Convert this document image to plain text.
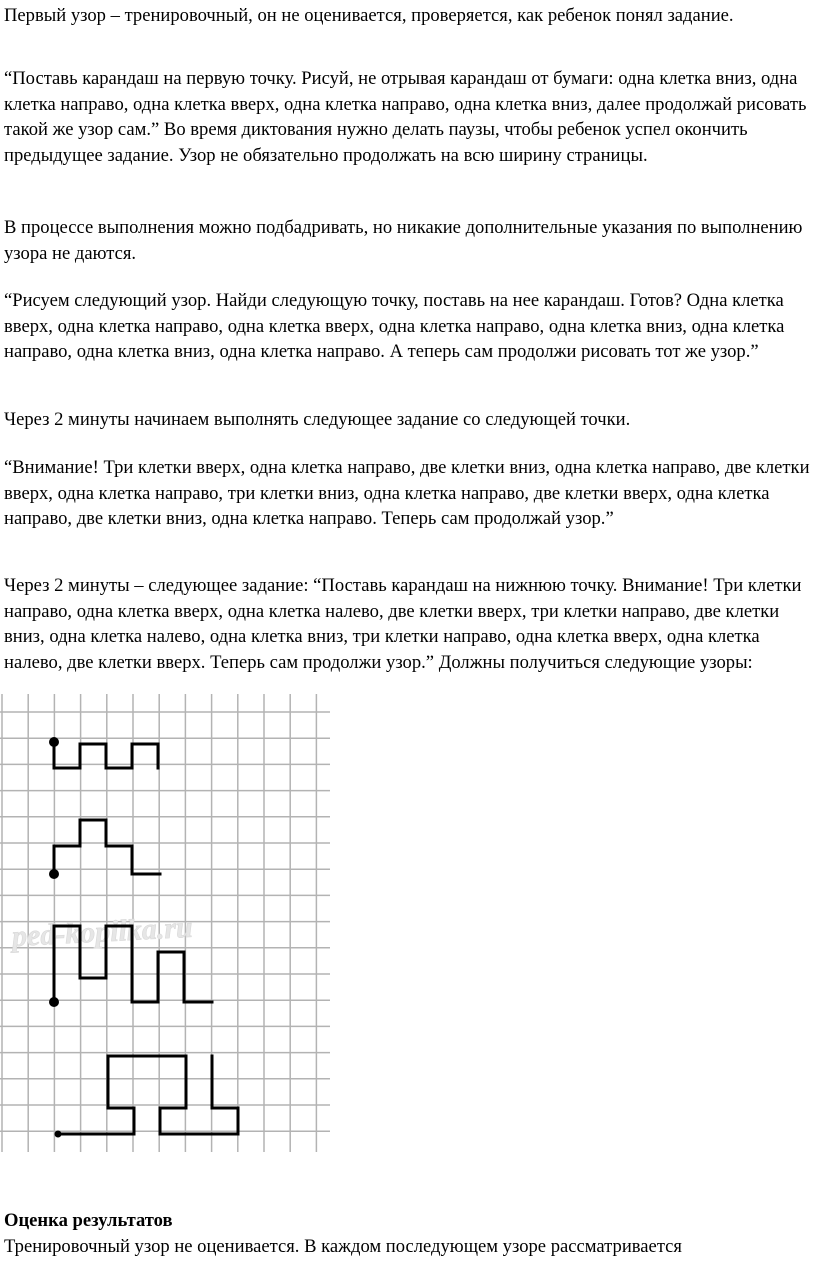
Первый узор – тренировочный, он не оценивается, проверяется, как ребенок понял задание.

“Поставь карандаш на первую точку. Рисуй, не отрывая карандаш от бумаги: одна клетка вниз, одна клетка направо, одна клетка вверх, одна клетка направо, одна клетка вниз, далее продолжай рисовать такой же узор сам.” Во время диктования нужно делать паузы, чтобы ребенок успел окончить предыдущее задание. Узор не обязательно продолжать на всю ширину страницы.

В процессе выполнения можно подбадривать, но никакие дополнительные указания по выполнению узора не даются.

“Рисуем следующий узор. Найди следующую точку, поставь на нее карандаш. Готов? Одна клетка вверх, одна клетка направо, одна клетка вверх, одна клетка направо, одна клетка вниз, одна клетка направо, одна клетка вниз, одна клетка направо. А теперь сам продолжи рисовать тот же узор.”

Через 2 минуты начинаем выполнять следующее задание со следующей точки.

“Внимание! Три клетки вверх, одна клетка направо, две клетки вниз, одна клетка направо, две клетки вверх, одна клетка направо, три клетки вниз, одна клетка направо, две клетки вверх, одна клетка направо, две клетки вниз, одна клетка направо. Теперь сам продолжай узор.”

Через 2 минуты – следующее задание: “Поставь карандаш на нижнюю точку. Внимание! Три клетки направо, одна клетка вверх, одна клетка налево, две клетки вверх, три клетки направо, две клетки вниз, одна клетка налево, одна клетка вниз, три клетки направо, одна клетка вверх, одна клетка налево, две клетки вверх. Теперь сам продолжи узор.” Должны получиться следующие узоры:

ped-kopilka.ru

Оценка результатов

Тренировочный узор не оценивается. В каждом последующем узоре рассматривается
